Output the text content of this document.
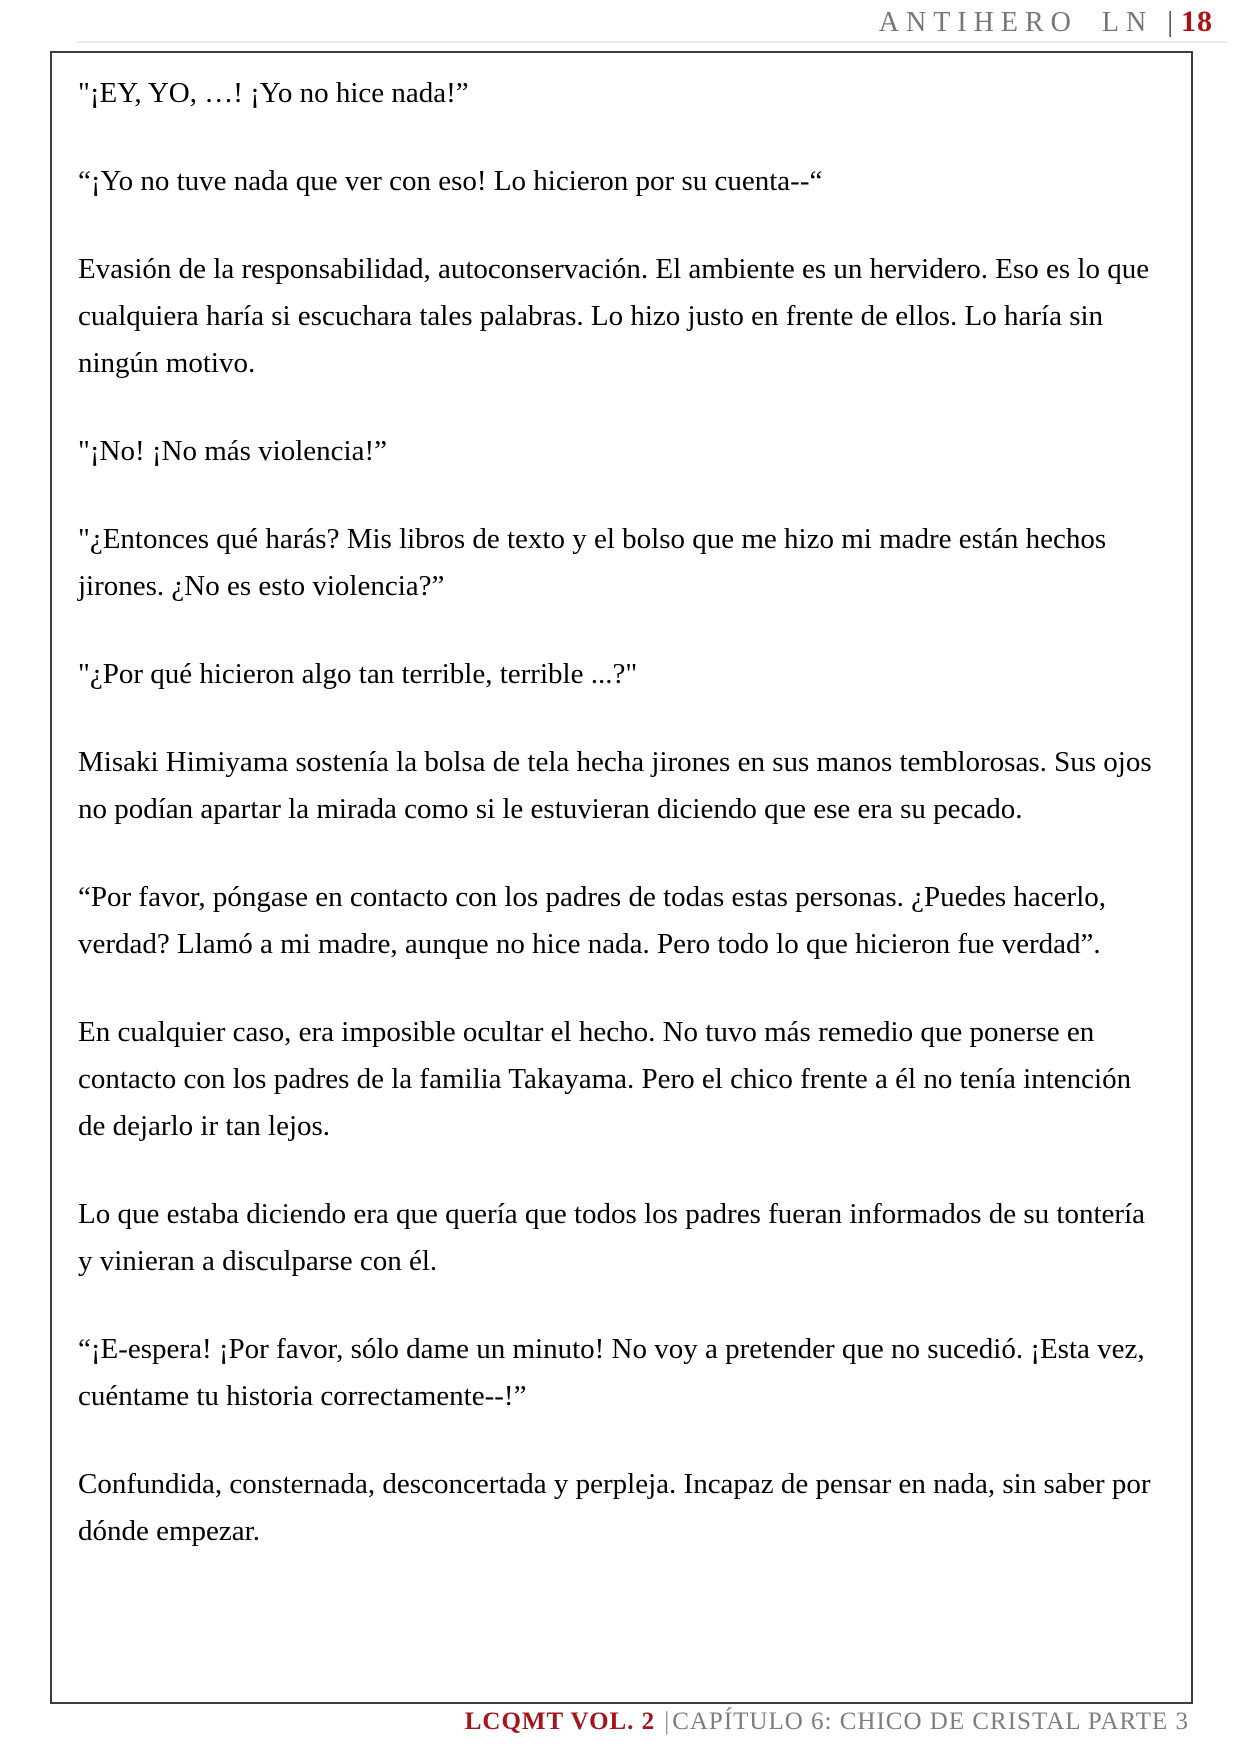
ANTIHERO LN | 18

"¡EY, YO, …! ¡Yo no hice nada!”

“¡Yo no tuve nada que ver con eso! Lo hicieron por su cuenta--“

Evasión de la responsabilidad, autoconservación. El ambiente es un hervidero. Eso es lo que cualquiera haría si escuchara tales palabras. Lo hizo justo en frente de ellos. Lo haría sin ningún motivo.

"¡No! ¡No más violencia!”

"¿Entonces qué harás? Mis libros de texto y el bolso que me hizo mi madre están hechos jirones. ¿No es esto violencia?”

"¿Por qué hicieron algo tan terrible, terrible ...?"

Misaki Himiyama sostenía la bolsa de tela hecha jirones en sus manos temblorosas. Sus ojos no podían apartar la mirada como si le estuvieran diciendo que ese era su pecado.

“Por favor, póngase en contacto con los padres de todas estas personas. ¿Puedes hacerlo, verdad? Llamó a mi madre, aunque no hice nada. Pero todo lo que hicieron fue verdad”.

En cualquier caso, era imposible ocultar el hecho. No tuvo más remedio que ponerse en contacto con los padres de la familia Takayama. Pero el chico frente a él no tenía intención de dejarlo ir tan lejos.

Lo que estaba diciendo era que quería que todos los padres fueran informados de su tontería y vinieran a disculparse con él.

“¡E-espera! ¡Por favor, sólo dame un minuto! No voy a pretender que no sucedió. ¡Esta vez, cuéntame tu historia correctamente--!”

Confundida, consternada, desconcertada y perpleja. Incapaz de pensar en nada, sin saber por dónde empezar.

LCQMT VOL. 2 |CAPÍTULO 6: CHICO DE CRISTAL PARTE 3
